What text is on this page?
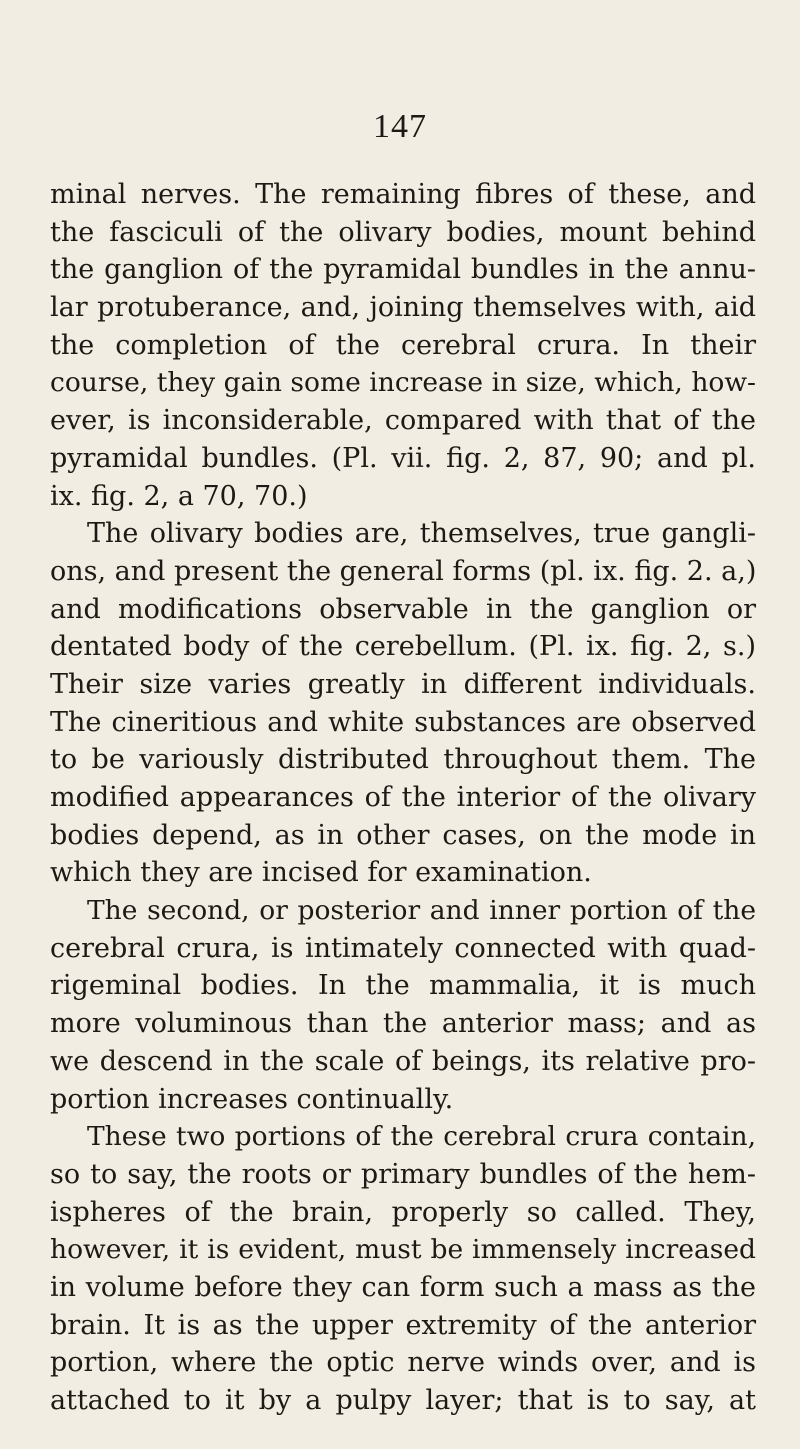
147
minal nerves. The remaining fibres of these, and
the fasciculi of the olivary bodies, mount behind
the ganglion of the pyramidal bundles in the annu-
lar protuberance, and, joining themselves with, aid
the completion of the cerebral crura. In their
course, they gain some increase in size, which, how-
ever, is inconsiderable, compared with that of the
pyramidal bundles. (Pl. vii. fig. 2, 87, 90; and pl.
ix. fig. 2, a 70, 70.)
The olivary bodies are, themselves, true gangli-
ons, and present the general forms (pl. ix. fig. 2. a,)
and modifications observable in the ganglion or
dentated body of the cerebellum. (Pl. ix. fig. 2, s.)
Their size varies greatly in different individuals.
The cineritious and white substances are observed
to be variously distributed throughout them. The
modified appearances of the interior of the olivary
bodies depend, as in other cases, on the mode in
which they are incised for examination.
The second, or posterior and inner portion of the
cerebral crura, is intimately connected with quad-
rigeminal bodies. In the mammalia, it is much
more voluminous than the anterior mass; and as
we descend in the scale of beings, its relative pro-
portion increases continually.
These two portions of the cerebral crura contain,
so to say, the roots or primary bundles of the hem-
ispheres of the brain, properly so called. They,
however, it is evident, must be immensely increased
in volume before they can form such a mass as the
brain. It is as the upper extremity of the anterior
portion, where the optic nerve winds over, and is
attached to it by a pulpy layer; that is to say, at
